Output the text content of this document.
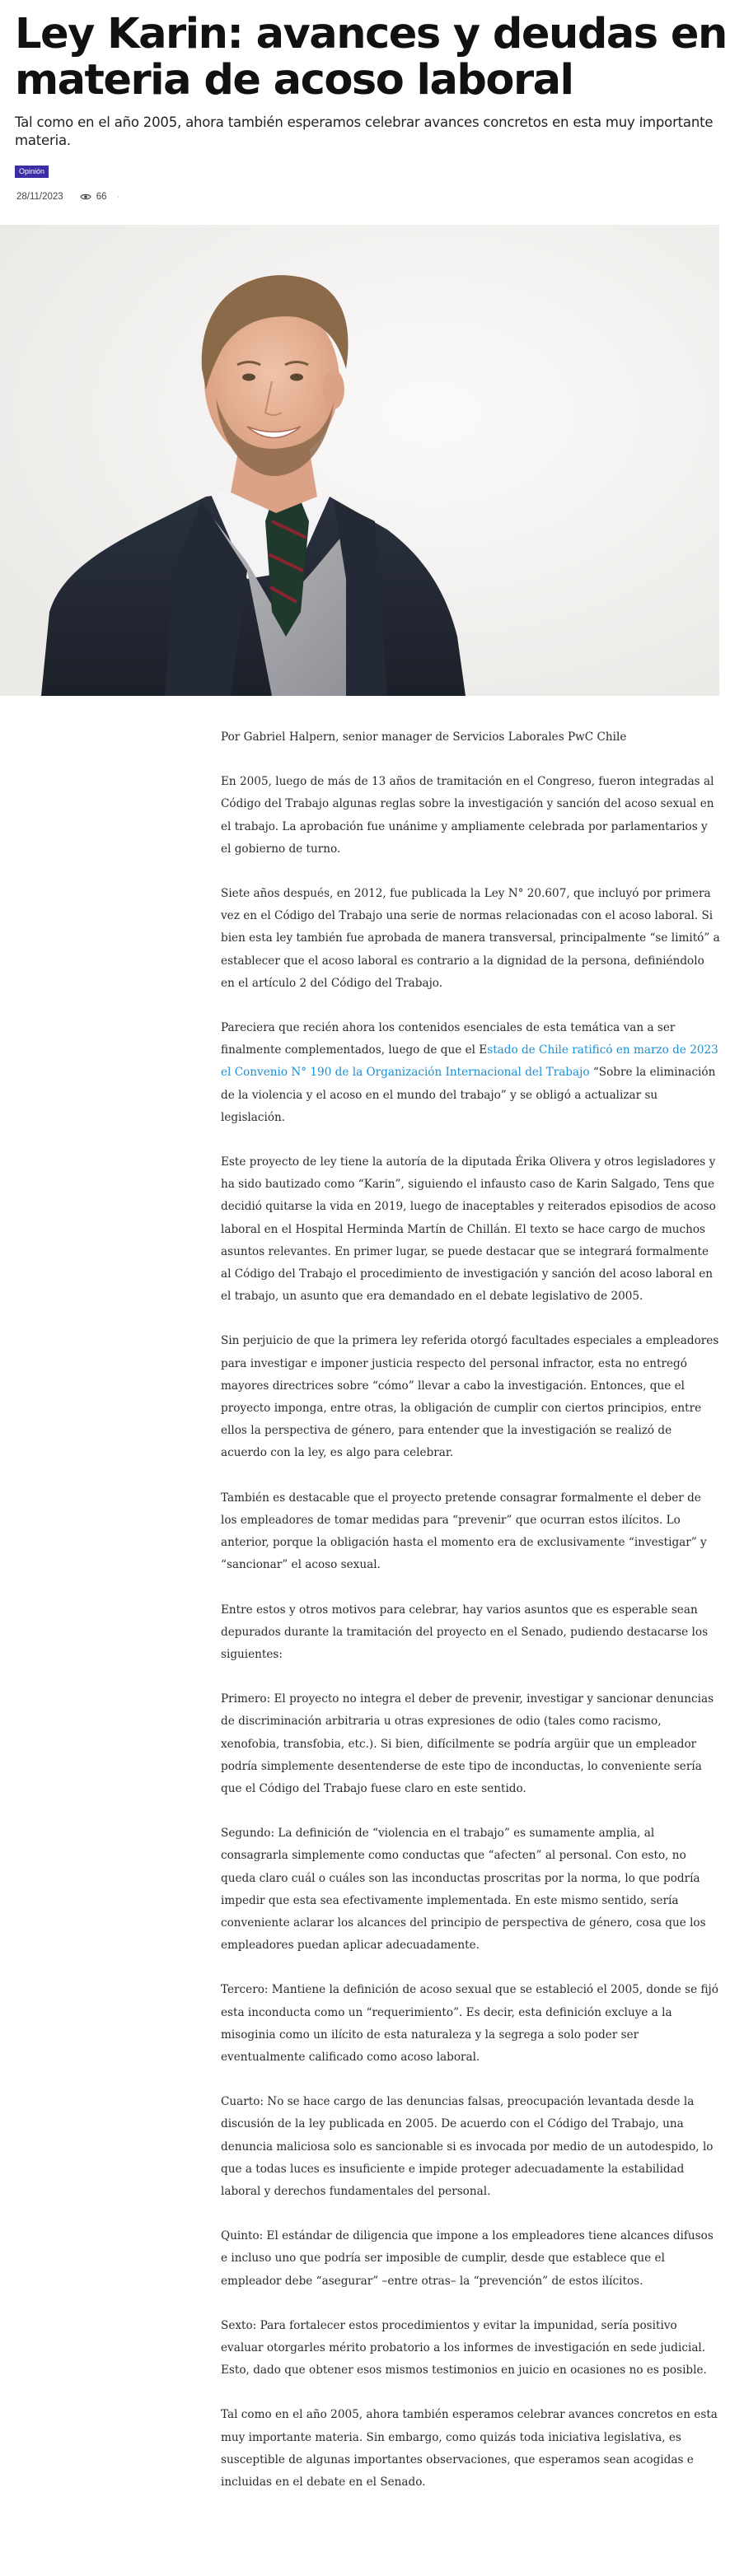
Ley Karin: avances y deudas en materia de acoso laboral

Tal como en el año 2005, ahora también esperamos celebrar avances concretos en esta muy importante materia.

Opinión
28/11/2023	66 ·

Por Gabriel Halpern, senior manager de Servicios Laborales PwC Chile

En 2005, luego de más de 13 años de tramitación en el Congreso, fueron integradas al Código del Trabajo algunas reglas sobre la investigación y sanción del acoso sexual en el trabajo. La aprobación fue unánime y ampliamente celebrada por parlamentarios y el gobierno de turno.

Siete años después, en 2012, fue publicada la Ley N° 20.607, que incluyó por primera vez en el Código del Trabajo una serie de normas relacionadas con el acoso laboral. Si bien esta ley también fue aprobada de manera transversal, principalmente “se limitó” a establecer que el acoso laboral es contrario a la dignidad de la persona, definiéndolo en el artículo 2 del Código del Trabajo.

Pareciera que recién ahora los contenidos esenciales de esta temática van a ser finalmente complementados, luego de que el Estado de Chile ratificó en marzo de 2023 el Convenio N° 190 de la Organización Internacional del Trabajo “Sobre la eliminación de la violencia y el acoso en el mundo del trabajo” y se obligó a actualizar su legislación.

Este proyecto de ley tiene la autoría de la diputada Érika Olivera y otros legisladores y ha sido bautizado como “Karin”, siguiendo el infausto caso de Karin Salgado, Tens que decidió quitarse la vida en 2019, luego de inaceptables y reiterados episodios de acoso laboral en el Hospital Herminda Martín de Chillán. El texto se hace cargo de muchos asuntos relevantes. En primer lugar, se puede destacar que se integrará formalmente al Código del Trabajo el procedimiento de investigación y sanción del acoso laboral en el trabajo, un asunto que era demandado en el debate legislativo de 2005.

Sin perjuicio de que la primera ley referida otorgó facultades especiales a empleadores para investigar e imponer justicia respecto del personal infractor, esta no entregó mayores directrices sobre “cómo” llevar a cabo la investigación. Entonces, que el proyecto imponga, entre otras, la obligación de cumplir con ciertos principios, entre ellos la perspectiva de género, para entender que la investigación se realizó de acuerdo con la ley, es algo para celebrar.

También es destacable que el proyecto pretende consagrar formalmente el deber de los empleadores de tomar medidas para “prevenir” que ocurran estos ilícitos. Lo anterior, porque la obligación hasta el momento era de exclusivamente “investigar” y “sancionar” el acoso sexual.

Entre estos y otros motivos para celebrar, hay varios asuntos que es esperable sean depurados durante la tramitación del proyecto en el Senado, pudiendo destacarse los siguientes:

Primero: El proyecto no integra el deber de prevenir, investigar y sancionar denuncias de discriminación arbitraria u otras expresiones de odio (tales como racismo, xenofobia, transfobia, etc.). Si bien, difícilmente se podría argüir que un empleador podría simplemente desentenderse de este tipo de inconductas, lo conveniente sería que el Código del Trabajo fuese claro en este sentido.

Segundo: La definición de “violencia en el trabajo” es sumamente amplia, al consagrarla simplemente como conductas que “afecten” al personal. Con esto, no queda claro cuál o cuáles son las inconductas proscritas por la norma, lo que podría impedir que esta sea efectivamente implementada. En este mismo sentido, sería conveniente aclarar los alcances del principio de perspectiva de género, cosa que los empleadores puedan aplicar adecuadamente.

Tercero: Mantiene la definición de acoso sexual que se estableció el 2005, donde se fijó esta inconducta como un “requerimiento”. Es decir, esta definición excluye a la misoginia como un ilícito de esta naturaleza y la segrega a solo poder ser eventualmente calificado como acoso laboral.

Cuarto: No se hace cargo de las denuncias falsas, preocupación levantada desde la discusión de la ley publicada en 2005. De acuerdo con el Código del Trabajo, una denuncia maliciosa solo es sancionable si es invocada por medio de un autodespido, lo que a todas luces es insuficiente e impide proteger adecuadamente la estabilidad laboral y derechos fundamentales del personal.

Quinto: El estándar de diligencia que impone a los empleadores tiene alcances difusos e incluso uno que podría ser imposible de cumplir, desde que establece que el empleador debe “asegurar” –entre otras– la “prevención” de estos ilícitos.

Sexto: Para fortalecer estos procedimientos y evitar la impunidad, sería positivo evaluar otorgarles mérito probatorio a los informes de investigación en sede judicial. Esto, dado que obtener esos mismos testimonios en juicio en ocasiones no es posible.

Tal como en el año 2005, ahora también esperamos celebrar avances concretos en esta muy importante materia. Sin embargo, como quizás toda iniciativa legislativa, es susceptible de algunas importantes observaciones, que esperamos sean acogidas e incluidas en el debate en el Senado.
